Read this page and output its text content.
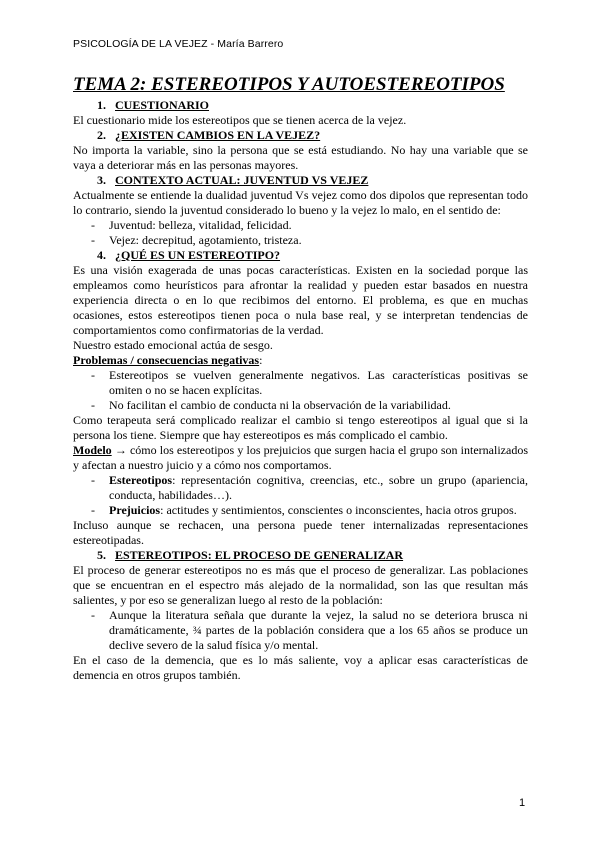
PSICOLOGÍA DE LA VEJEZ - María Barrero
TEMA 2: ESTEREOTIPOS Y AUTOESTEREOTIPOS
1. CUESTIONARIO

El cuestionario mide los estereotipos que se tienen acerca de la vejez.

2. ¿EXISTEN CAMBIOS EN LA VEJEZ?

No importa la variable, sino la persona que se está estudiando. No hay una variable que se vaya a deteriorar más en las personas mayores.

3. CONTEXTO ACTUAL: JUVENTUD VS VEJEZ

Actualmente se entiende la dualidad juventud Vs vejez como dos dipolos que representan todo lo contrario, siendo la juventud considerado lo bueno y la vejez lo malo, en el sentido de:

-	Juventud: belleza, vitalidad, felicidad.
-	Vejez: decrepitud, agotamiento, tristeza.
4. ¿QUÉ ES UN ESTEREOTIPO?

Es una visión exagerada de unas pocas características. Existen en la sociedad porque las empleamos como heurísticos para afrontar la realidad y pueden estar basados en nuestra experiencia directa o en lo que recibimos del entorno. El problema, es que en muchas ocasiones, estos estereotipos tienen poca o nula base real, y se interpretan tendencias de comportamientos como confirmatorias de la verdad.

Nuestro estado emocional actúa de sesgo.

Problemas / consecuencias negativas:

-	Estereotipos se vuelven generalmente negativos. Las características positivas se omiten o no se hacen explícitas.
-	No facilitan el cambio de conducta ni la observación de la variabilidad.

Como terapeuta será complicado realizar el cambio si tengo estereotipos al igual que si la persona los tiene. Siempre que hay estereotipos es más complicado el cambio.

Modelo → cómo los estereotipos y los prejuicios que surgen hacia el grupo son internalizados y afectan a nuestro juicio y a cómo nos comportamos.

-	Estereotipos: representación cognitiva, creencias, etc., sobre un grupo (apariencia, conducta, habilidades…).
-	Prejuicios: actitudes y sentimientos, conscientes o inconscientes, hacia otros grupos.

Incluso aunque se rechacen, una persona puede tener internalizadas representaciones estereotipadas.

5. ESTEREOTIPOS: EL PROCESO DE GENERALIZAR

El proceso de generar estereotipos no es más que el proceso de generalizar. Las poblaciones que se encuentran en el espectro más alejado de la normalidad, son las que resultan más salientes, y por eso se generalizan luego al resto de la población:

-	Aunque la literatura señala que durante la vejez, la salud no se deteriora brusca ni dramáticamente, ¾ partes de la población considera que a los 65 años se produce un declive severo de la salud física y/o mental.

En el caso de la demencia, que es lo más saliente, voy a aplicar esas características de demencia en otros grupos también.

1
